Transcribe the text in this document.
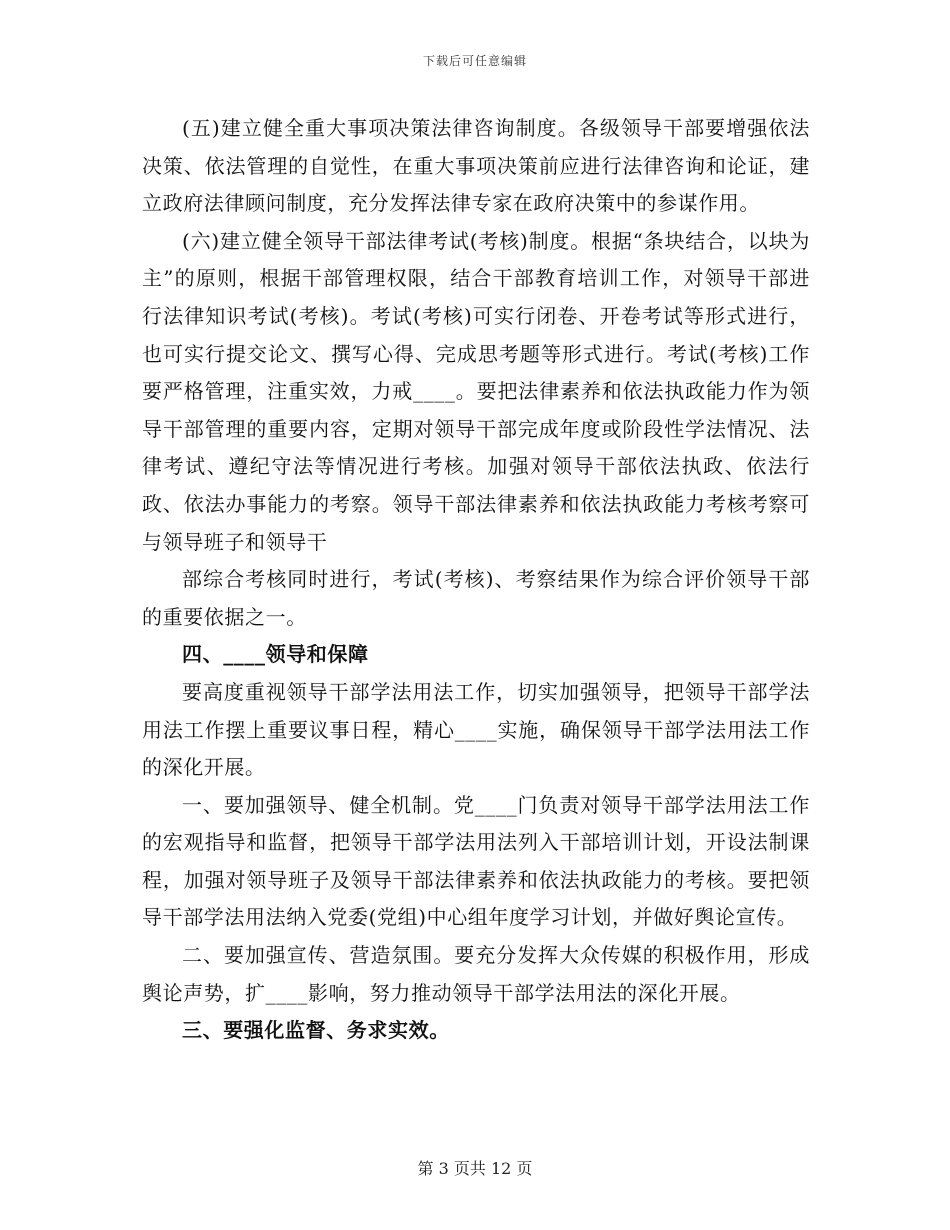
下载后可任意编辑

(五)建立健全重大事项决策法律咨询制度。各级领导干部要增强依法决策、依法管理的自觉性，在重大事项决策前应进行法律咨询和论证，建立政府法律顾问制度，充分发挥法律专家在政府决策中的参谋作用。

(六)建立健全领导干部法律考试(考核)制度。根据“条块结合，以块为主”的原则，根据干部管理权限，结合干部教育培训工作，对领导干部进行法律知识考试(考核)。考试(考核)可实行闭卷、开卷考试等形式进行，也可实行提交论文、撰写心得、完成思考题等形式进行。考试(考核)工作要严格管理，注重实效，力戒____。要把法律素养和依法执政能力作为领导干部管理的重要内容，定期对领导干部完成年度或阶段性学法情况、法律考试、遵纪守法等情况进行考核。加强对领导干部依法执政、依法行政、依法办事能力的考察。领导干部法律素养和依法执政能力考核考察可与领导班子和领导干

部综合考核同时进行，考试(考核)、考察结果作为综合评价领导干部的重要依据之一。

四、____领导和保障

要高度重视领导干部学法用法工作，切实加强领导，把领导干部学法用法工作摆上重要议事日程，精心____实施，确保领导干部学法用法工作的深化开展。

一、要加强领导、健全机制。党____门负责对领导干部学法用法工作的宏观指导和监督，把领导干部学法用法列入干部培训计划，开设法制课程，加强对领导班子及领导干部法律素养和依法执政能力的考核。要把领导干部学法用法纳入党委(党组)中心组年度学习计划，并做好舆论宣传。

二、要加强宣传、营造氛围。要充分发挥大众传媒的积极作用，形成舆论声势，扩____影响，努力推动领导干部学法用法的深化开展。

三、要强化监督、务求实效。

第 3 页共 12 页
